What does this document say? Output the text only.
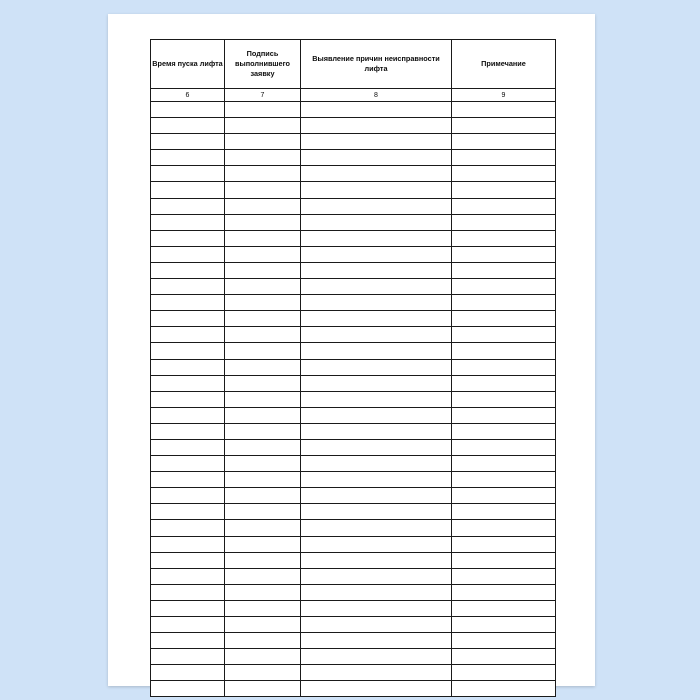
Время пуска лифта	Подпись выполнившего заявку	Выявление причин неисправности лифта	Примечание
6	7	8	9
